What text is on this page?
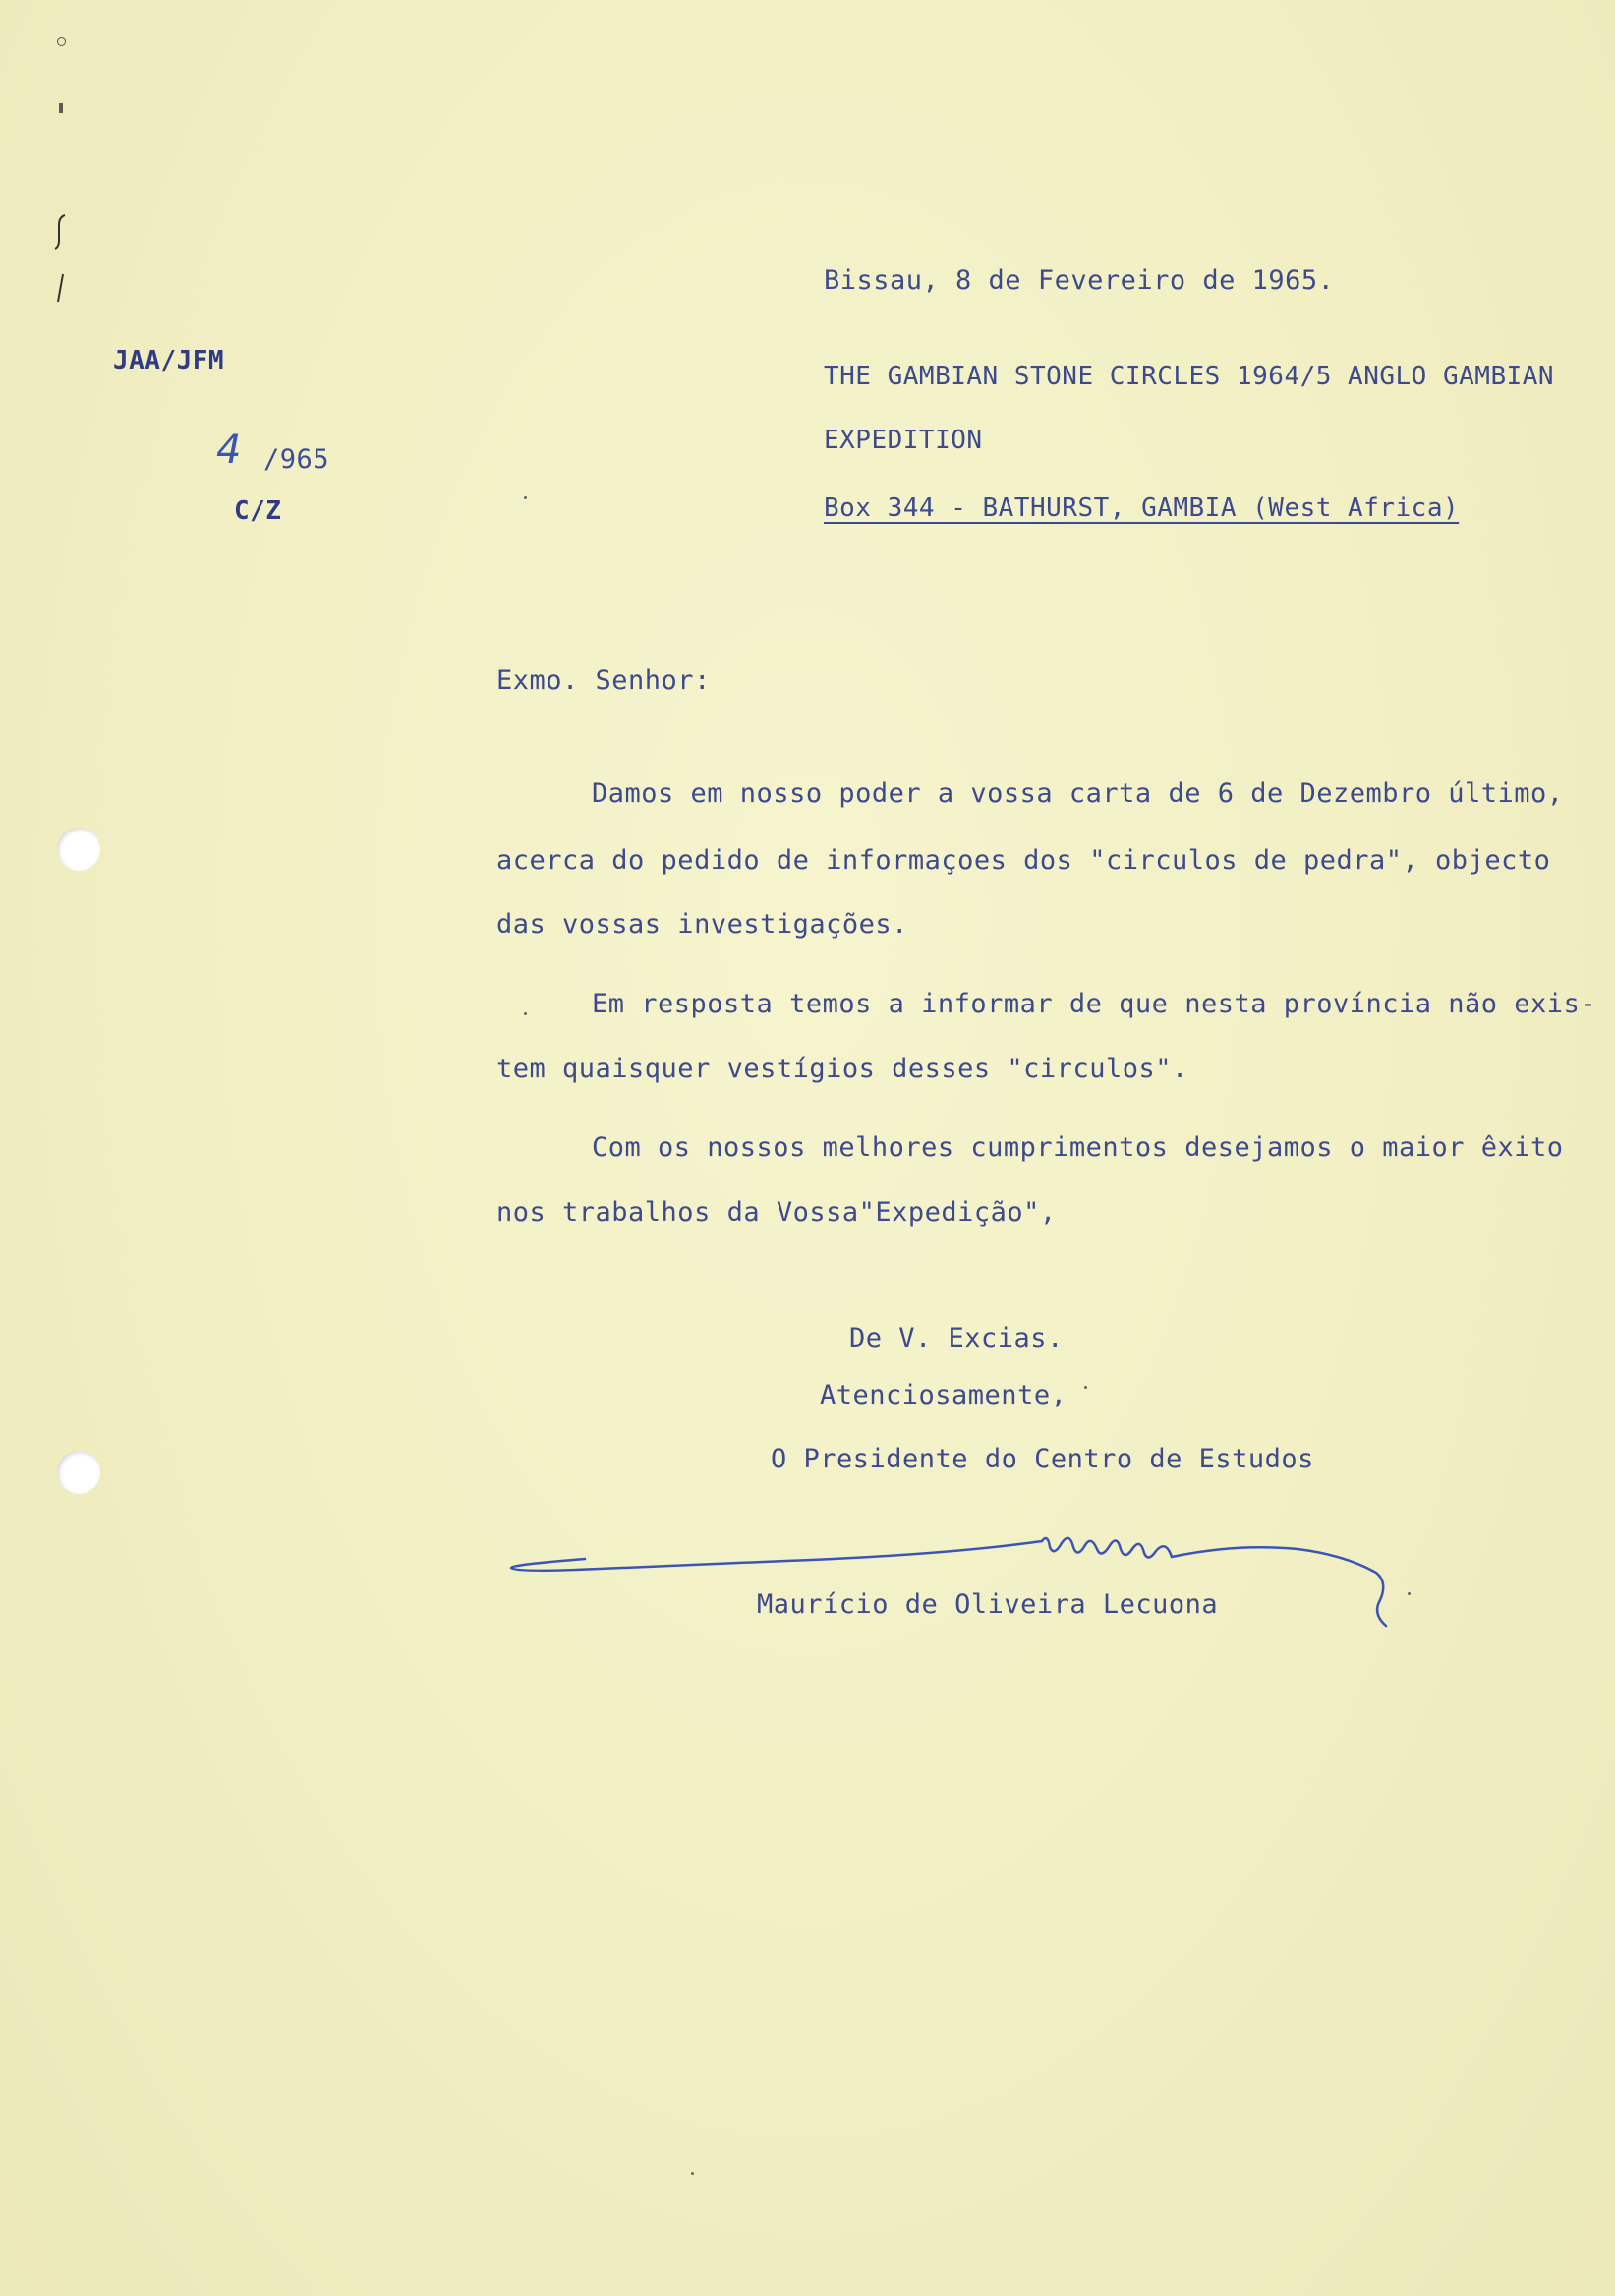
JAA/JFM
4 /965
C/Z
Bissau, 8 de Fevereiro de 1965.
THE GAMBIAN STONE CIRCLES 1964/5 ANGLO GAMBIAN
EXPEDITION
Box 344 - BATHURST, GAMBIA (West Africa)
Exmo. Senhor:
Damos em nosso poder a vossa carta de 6 de Dezembro último,
acerca do pedido de informaçoes dos "circulos de pedra", objecto
das vossas investigações.
Em resposta temos a informar de que nesta província não exis-
tem quaisquer vestígios desses "circulos".
Com os nossos melhores cumprimentos desejamos o maior êxito
nos trabalhos da Vossa"Expedição",
De V. Excias.
Atenciosamente,
O Presidente do Centro de Estudos
Maurício de Oliveira Lecuona
